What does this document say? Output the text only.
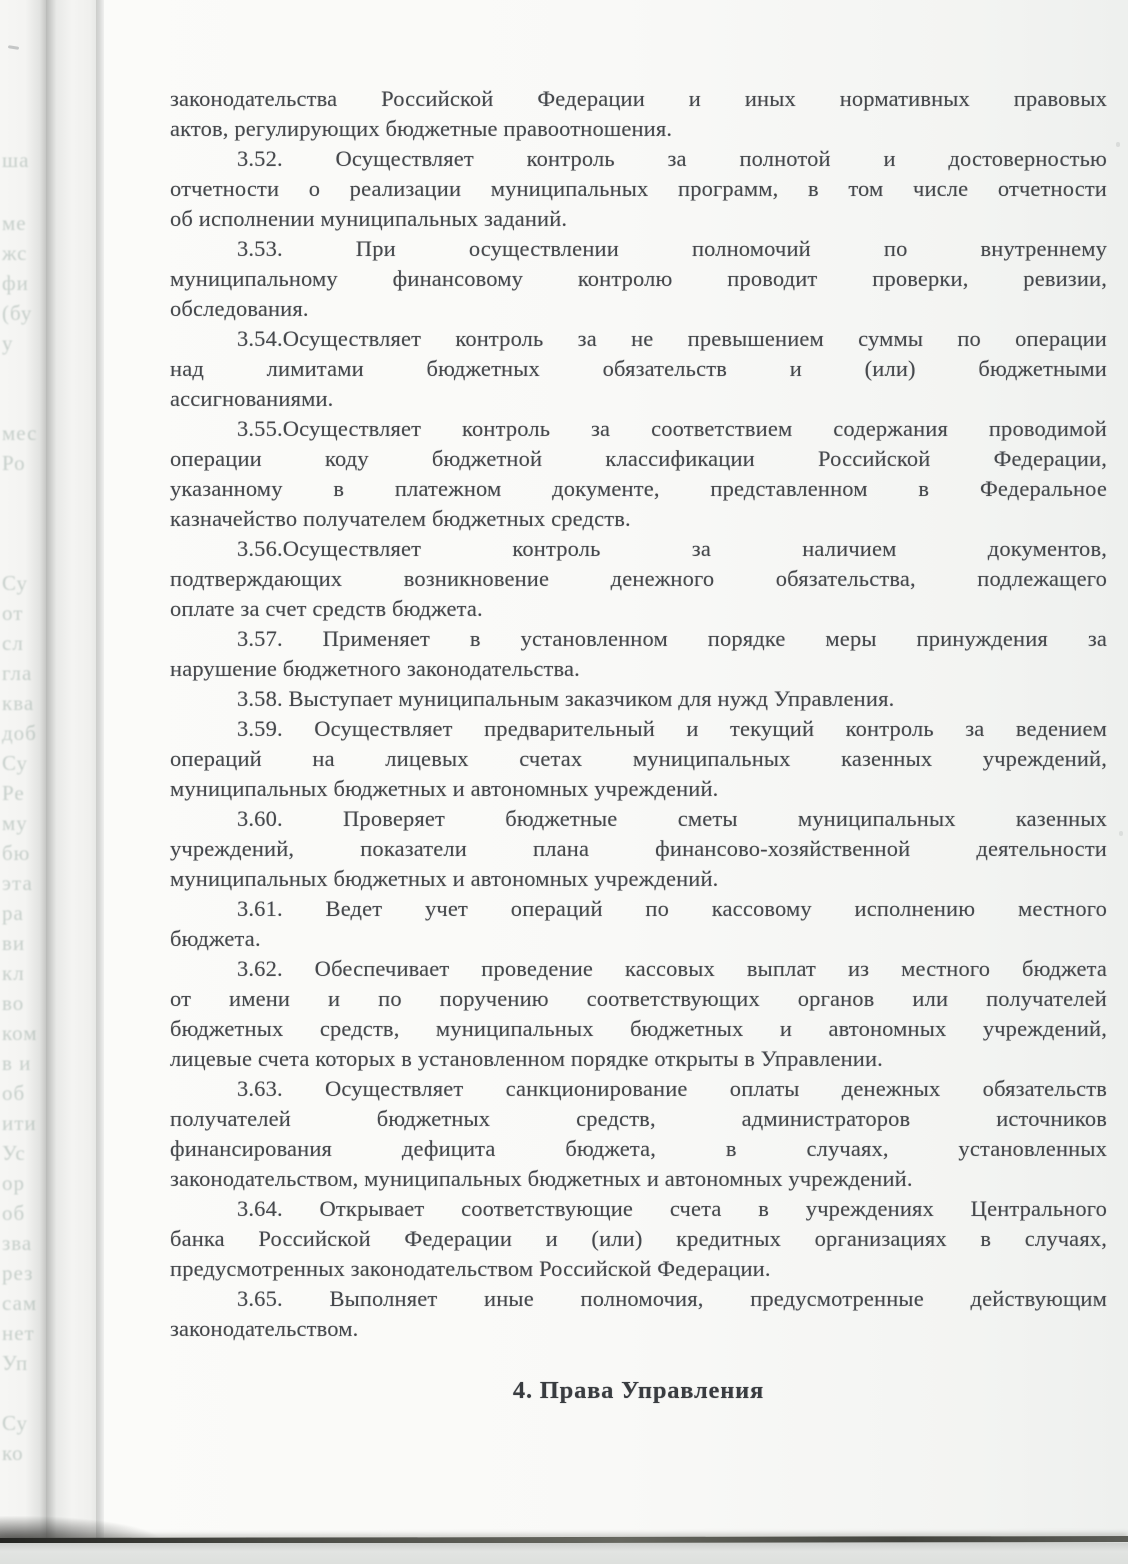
ша
ме
жс
фи
(бу
у
мес
Ро
Су
от
сл
гла
ква
доб
Су
Ре
му
бю
эта
ра
ви
кл
во
ком
в и
об
ити
Ус
ор
об
зва
рез
сам
нет
Уп
Су
ко
законодательства Российской Федерации и иных нормативных правовых
актов, регулирующих бюджетные правоотношения.
3.52. Осуществляет контроль за полнотой и достоверностью
отчетности о реализации муниципальных программ, в том числе отчетности
об исполнении муниципальных заданий.
3.53. При осуществлении полномочий по внутреннему
муниципальному финансовому контролю проводит проверки, ревизии,
обследования.
3.54.Осуществляет контроль за не превышением суммы по операции
над лимитами бюджетных обязательств и (или) бюджетными
ассигнованиями.
3.55.Осуществляет контроль за соответствием содержания проводимой
операции коду бюджетной классификации Российской Федерации,
указанному в платежном документе, представленном в Федеральное
казначейство получателем бюджетных средств.
3.56.Осуществляет контроль за наличием документов,
подтверждающих возникновение денежного обязательства, подлежащего
оплате за счет средств бюджета.
3.57. Применяет в установленном порядке меры принуждения за
нарушение бюджетного законодательства.
3.58. Выступает муниципальным заказчиком для нужд Управления.
3.59. Осуществляет предварительный и текущий контроль за ведением
операций на лицевых счетах муниципальных казенных учреждений,
муниципальных бюджетных и автономных учреждений.
3.60. Проверяет бюджетные сметы муниципальных казенных
учреждений, показатели плана финансово-хозяйственной деятельности
муниципальных бюджетных и автономных учреждений.
3.61. Ведет учет операций по кассовому исполнению местного
бюджета.
3.62. Обеспечивает проведение кассовых выплат из местного бюджета
от имени и по поручению соответствующих органов или получателей
бюджетных средств, муниципальных бюджетных и автономных учреждений,
лицевые счета которых в установленном порядке открыты в Управлении.
3.63. Осуществляет санкционирование оплаты денежных обязательств
получателей бюджетных средств, администраторов источников
финансирования дефицита бюджета, в случаях, установленных
законодательством, муниципальных бюджетных и автономных учреждений.
3.64. Открывает соответствующие счета в учреждениях Центрального
банка Российской Федерации и (или) кредитных организациях в случаях,
предусмотренных законодательством Российской Федерации.
3.65. Выполняет иные полномочия, предусмотренные действующим
законодательством.
4. Права Управления
